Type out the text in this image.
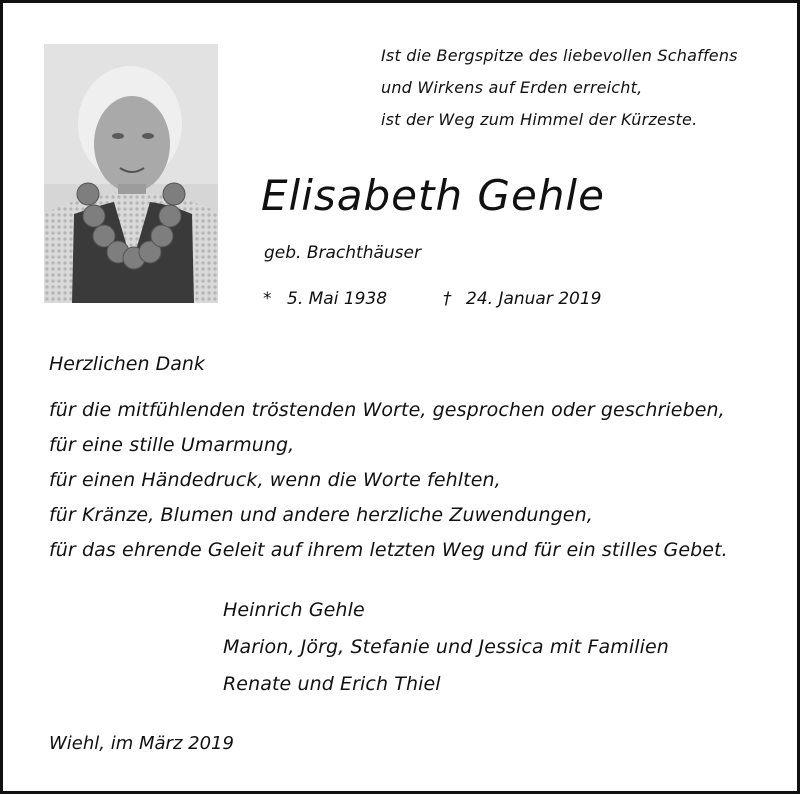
Ist die Bergspitze des liebevollen Schaffens
und Wirkens auf Erden erreicht,
ist der Weg zum Himmel der Kürzeste.
Elisabeth Gehle
geb. Brachthäuser
* 5. Mai 1938	† 24. Januar 2019
Herzlichen Dank
für die mitfühlenden tröstenden Worte, gesprochen oder geschrieben,
für eine stille Umarmung,
für einen Händedruck, wenn die Worte fehlten,
für Kränze, Blumen und andere herzliche Zuwendungen,
für das ehrende Geleit auf ihrem letzten Weg und für ein stilles Gebet.
Heinrich Gehle
Marion, Jörg, Stefanie und Jessica mit Familien
Renate und Erich Thiel
Wiehl, im März 2019
